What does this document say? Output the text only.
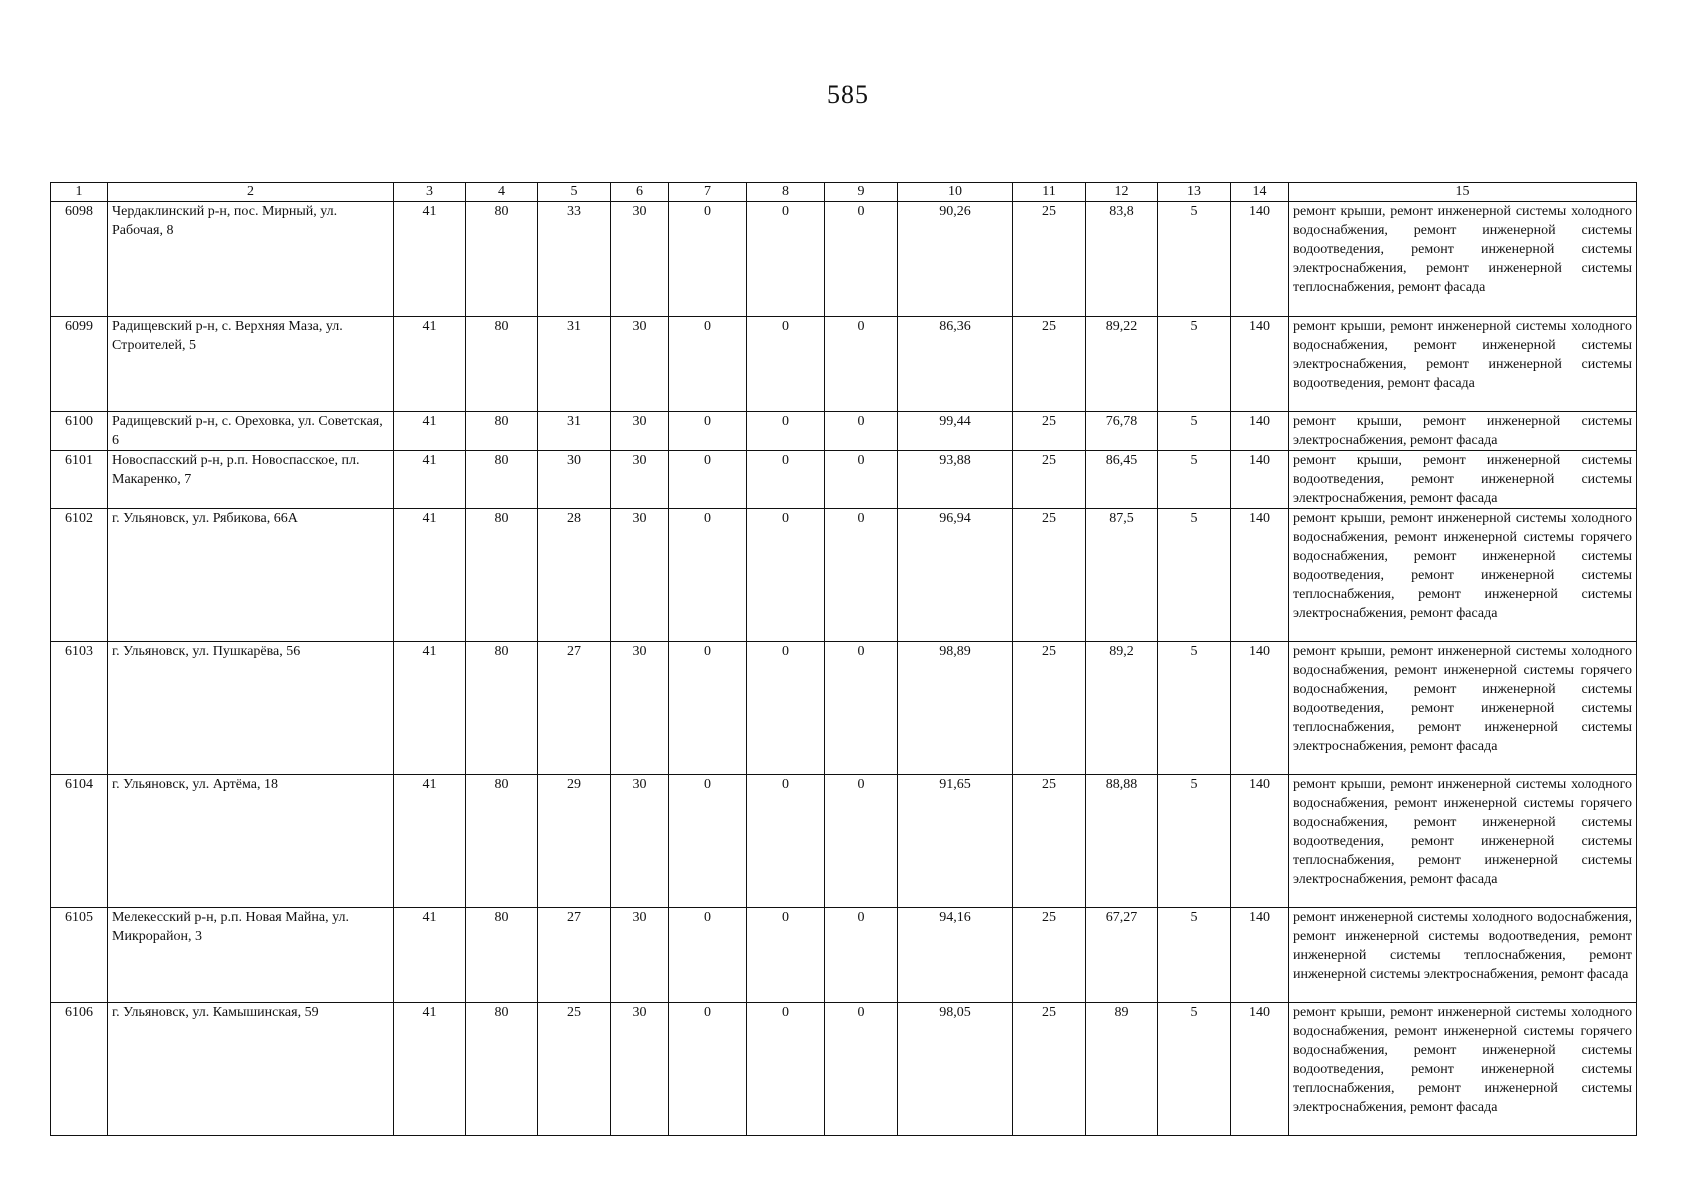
585
1	2	3	4	5	6	7	8	9	10	11	12	13	14	15
6098	Чердаклинский р-н, пос. Мирный, ул. Рабочая, 8	41	80	33	30	0	0	0	90,26	25	83,8	5	140	ремонт крыши, ремонт инженерной системы холодного водоснабжения, ремонт инженерной системы водоотведения, ремонт инженерной системы электроснабжения, ремонт инженерной системы теплоснабжения, ремонт фасада
6099	Радищевский р-н, с. Верхняя Маза, ул. Строителей, 5	41	80	31	30	0	0	0	86,36	25	89,22	5	140	ремонт крыши, ремонт инженерной системы холодного водоснабжения, ремонт инженерной системы электроснабжения, ремонт инженерной системы водоотведения, ремонт фасада
6100	Радищевский р-н, с. Ореховка, ул. Советская, 6	41	80	31	30	0	0	0	99,44	25	76,78	5	140	ремонт крыши, ремонт инженерной системы электроснабжения, ремонт фасада
6101	Новоспасский р-н, р.п. Новоспасское, пл. Макаренко, 7	41	80	30	30	0	0	0	93,88	25	86,45	5	140	ремонт крыши, ремонт инженерной системы водоотведения, ремонт инженерной системы электроснабжения, ремонт фасада
6102	г. Ульяновск, ул. Рябикова, 66А	41	80	28	30	0	0	0	96,94	25	87,5	5	140	ремонт крыши, ремонт инженерной системы холодного водоснабжения, ремонт инженерной системы горячего водоснабжения, ремонт инженерной системы водоотведения, ремонт инженерной системы теплоснабжения, ремонт инженерной системы электроснабжения, ремонт фасада
6103	г. Ульяновск, ул. Пушкарёва, 56	41	80	27	30	0	0	0	98,89	25	89,2	5	140	ремонт крыши, ремонт инженерной системы холодного водоснабжения, ремонт инженерной системы горячего водоснабжения, ремонт инженерной системы водоотведения, ремонт инженерной системы теплоснабжения, ремонт инженерной системы электроснабжения, ремонт фасада
6104	г. Ульяновск, ул. Артёма, 18	41	80	29	30	0	0	0	91,65	25	88,88	5	140	ремонт крыши, ремонт инженерной системы холодного водоснабжения, ремонт инженерной системы горячего водоснабжения, ремонт инженерной системы водоотведения, ремонт инженерной системы теплоснабжения, ремонт инженерной системы электроснабжения, ремонт фасада
6105	Мелекесский р-н, р.п. Новая Майна, ул. Микрорайон, 3	41	80	27	30	0	0	0	94,16	25	67,27	5	140	ремонт инженерной системы холодного водоснабжения, ремонт инженерной системы водоотведения, ремонт инженерной системы теплоснабжения, ремонт инженерной системы электроснабжения, ремонт фасада
6106	г. Ульяновск, ул. Камышинская, 59	41	80	25	30	0	0	0	98,05	25	89	5	140	ремонт крыши, ремонт инженерной системы холодного водоснабжения, ремонт инженерной системы горячего водоснабжения, ремонт инженерной системы водоотведения, ремонт инженерной системы теплоснабжения, ремонт инженерной системы электроснабжения, ремонт фасада
